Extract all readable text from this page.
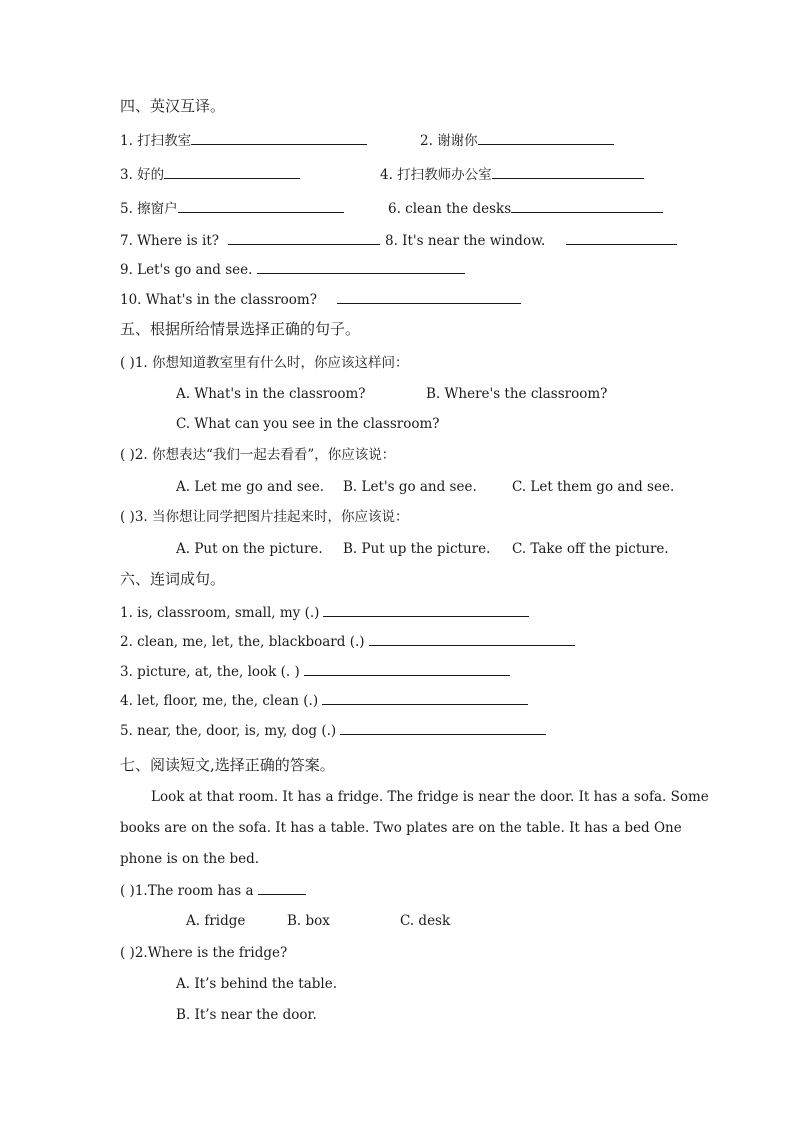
四、英汉互译。
1. 打扫教室	2. 谢谢你
3. 好的	4. 打扫教师办公室
5. 擦窗户	6. clean the desks
7. Where is it?	8. It's near the window.
9. Let's go and see.
10. What's in the classroom?
五、根据所给情景选择正确的句子。
( )1. 你想知道教室里有什么时，你应该这样问：
A. What's in the classroom?	B. Where's the classroom?
C. What can you see in the classroom?
( )2. 你想表达“我们一起去看看”，你应该说：
A. Let me go and see. B. Let's go and see.	C. Let them go and see.
( )3. 当你想让同学把图片挂起来时，你应该说：
A. Put on the picture. B. Put up the picture. C. Take off the picture.
六、连词成句。
1. is, classroom, small, my (.)
2. clean, me, let, the, blackboard (.)
3. picture, at, the, look (. )
4. let, floor, me, the, clean (.)
5. near, the, door, is, my, dog (.)
七、阅读短文,选择正确的答案。
Look at that room. It has a fridge. The fridge is near the door. It has a sofa. Some
books are on the sofa. It has a table. Two plates are on the table. It has a bed One
phone is on the bed.
( )1.The room has a
A. fridge	B. box	C. desk
( )2.Where is the fridge?
A. It’s behind the table.
B. It’s near the door.
